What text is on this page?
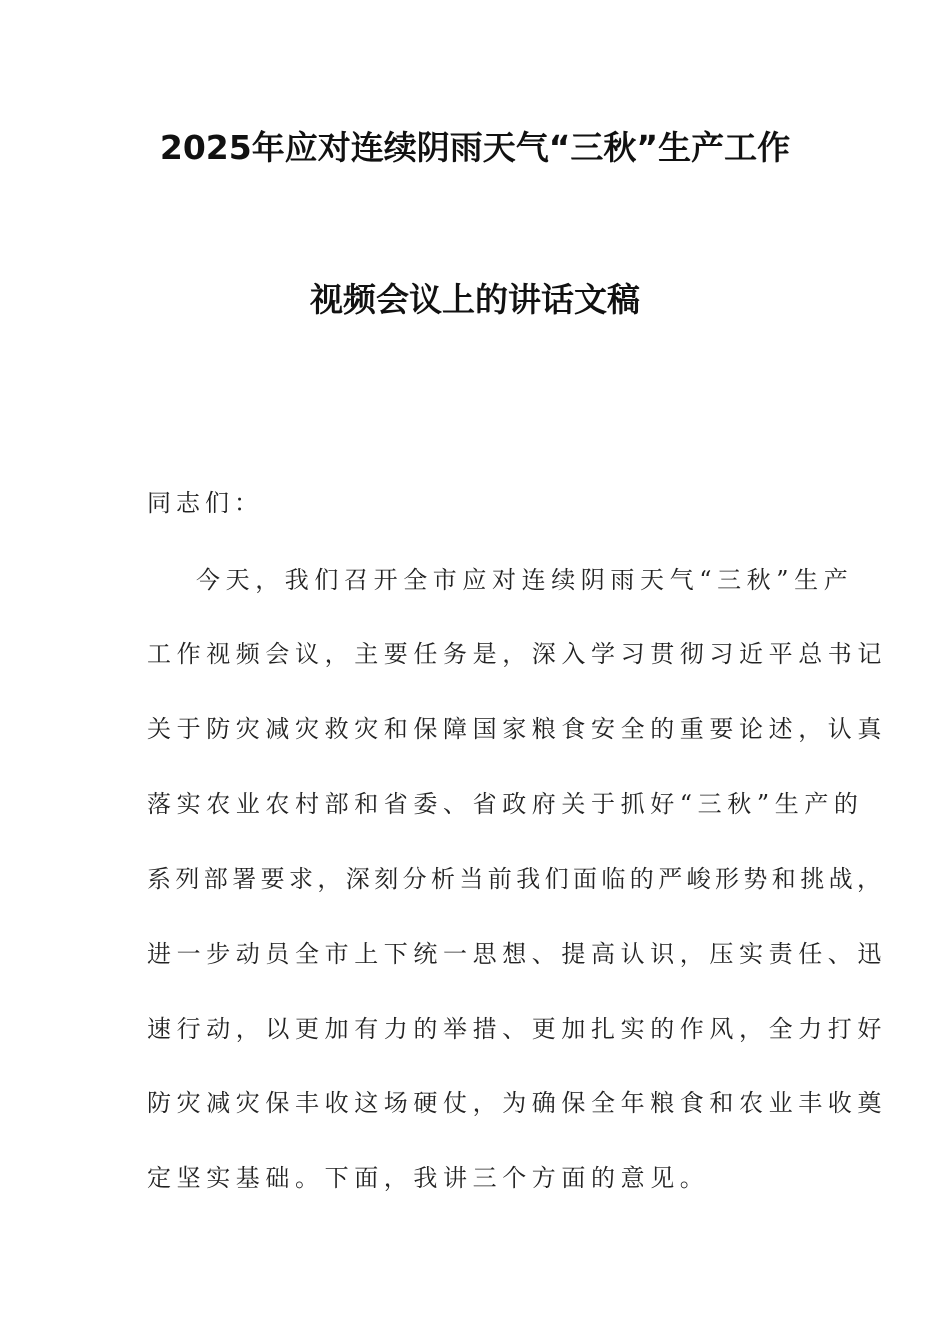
2025年应对连续阴雨天气“三秋”生产工作
视频会议上的讲话文稿
同志们：
今天，我们召开全市应对连续阴雨天气“三秋”生产
工作视频会议，主要任务是，深入学习贯彻习近平总书记
关于防灾减灾救灾和保障国家粮食安全的重要论述，认真
落实农业农村部和省委、省政府关于抓好“三秋”生产的
系列部署要求，深刻分析当前我们面临的严峻形势和挑战，
进一步动员全市上下统一思想、提高认识，压实责任、迅
速行动，以更加有力的举措、更加扎实的作风，全力打好
防灾减灾保丰收这场硬仗，为确保全年粮食和农业丰收奠
定坚实基础。下面，我讲三个方面的意见。
